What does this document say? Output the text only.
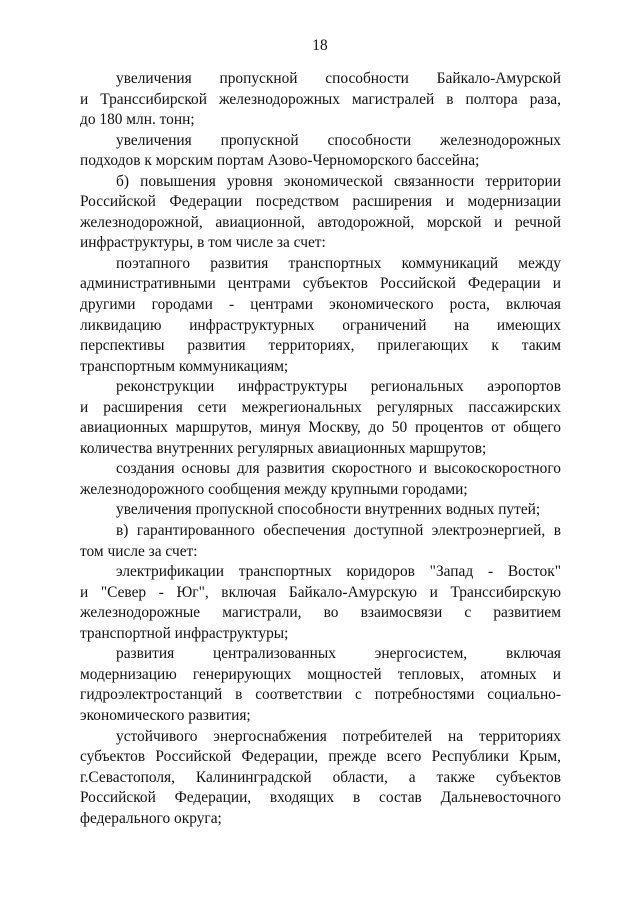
18
увеличения пропускной способности Байкало-Амурской
и Транссибирской железнодорожных магистралей в полтора раза,
до 180 млн. тонн;
увеличения пропускной способности железнодорожных
подходов к морским портам Азово-Черноморского бассейна;
б) повышения уровня экономической связанности территории
Российской Федерации посредством расширения и модернизации
железнодорожной, авиационной, автодорожной, морской и речной
инфраструктуры, в том числе за счет:
поэтапного развития транспортных коммуникаций между
административными центрами субъектов Российской Федерации и
другими городами - центрами экономического роста, включая
ликвидацию инфраструктурных ограничений на имеющих
перспективы развития территориях, прилегающих к таким
транспортным коммуникациям;
реконструкции инфраструктуры региональных аэропортов
и расширения сети межрегиональных регулярных пассажирских
авиационных маршрутов, минуя Москву, до 50 процентов от общего
количества внутренних регулярных авиационных маршрутов;
создания основы для развития скоростного и высокоскоростного
железнодорожного сообщения между крупными городами;
увеличения пропускной способности внутренних водных путей;
в) гарантированного обеспечения доступной электроэнергией, в
том числе за счет:
электрификации транспортных коридоров "Запад - Восток"
и "Север - Юг", включая Байкало-Амурскую и Транссибирскую
железнодорожные магистрали, во взаимосвязи с развитием
транспортной инфраструктуры;
развития централизованных энергосистем, включая
модернизацию генерирующих мощностей тепловых, атомных и
гидроэлектростанций в соответствии с потребностями социально-
экономического развития;
устойчивого энергоснабжения потребителей на территориях
субъектов Российской Федерации, прежде всего Республики Крым,
г.Севастополя, Калининградской области, а также субъектов
Российской Федерации, входящих в состав Дальневосточного
федерального округа;
